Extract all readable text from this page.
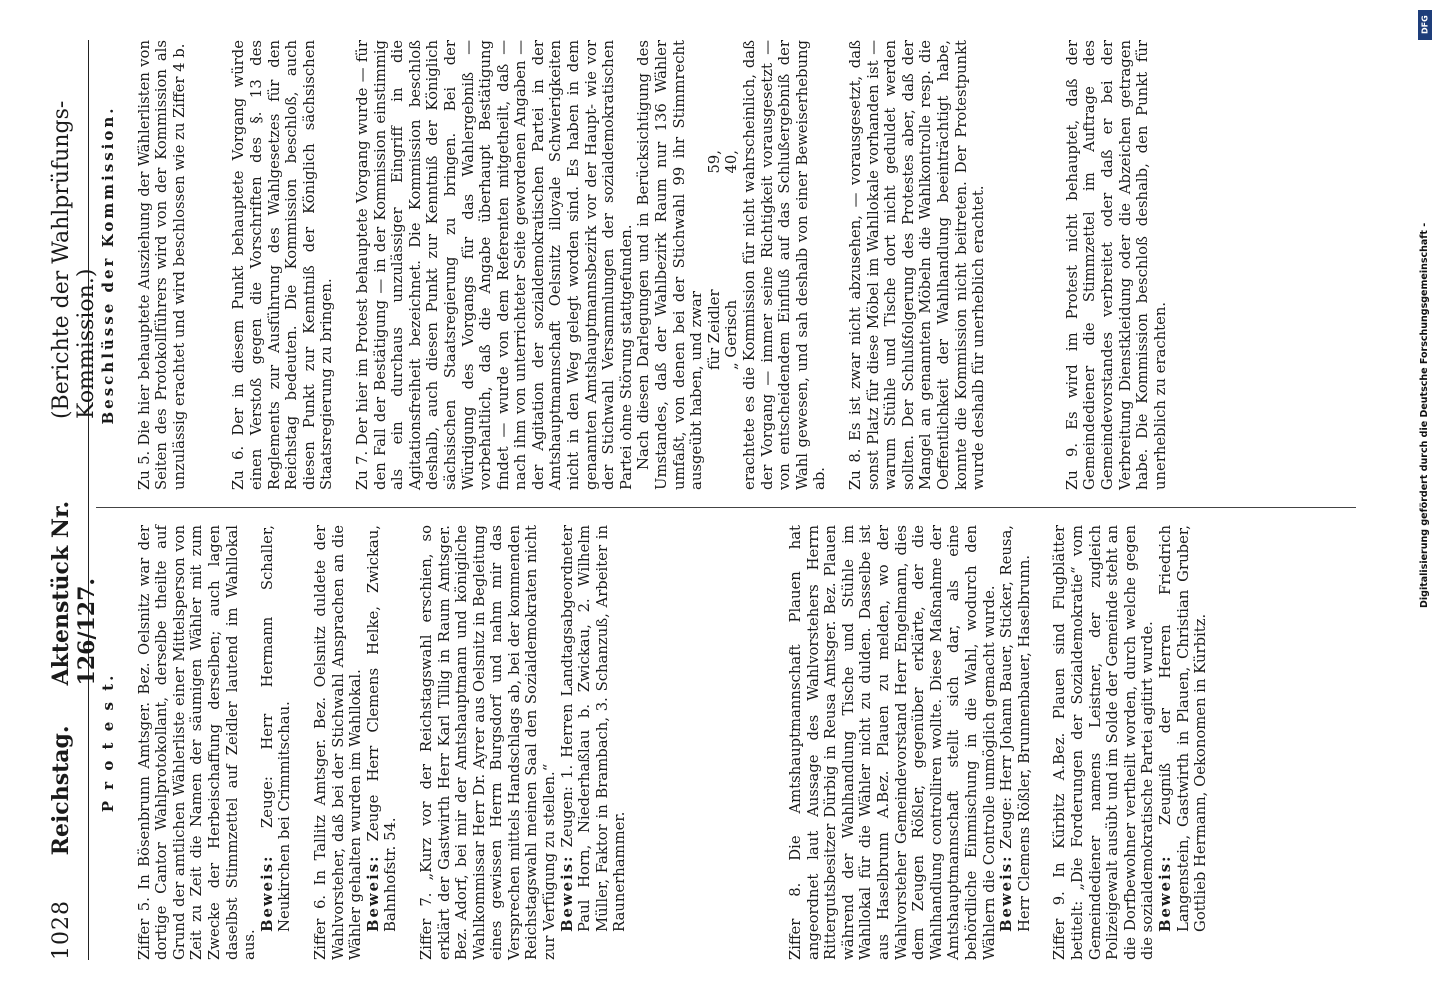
1028
Reichstag.
Aktenstück Nr. 126/127.
(Berichte der Wahlprüfungs-Kommission.)
P r o t e s t.
Ziffer 5. In Bösenbrunn Amtsger. Bez. Oelsnitz war der dortige Cantor Wahlprotokollant, derselbe theilte auf Grund der amtlichen Wählerliste einer Mittelsperson von Zeit zu Zeit die Namen der säumigen Wähler mit zum Zwecke der Herbeischaffung derselben; auch lagen daselbst Stimmzettel auf Zeidler lautend im Wahllokal aus.
Beweis: Zeuge: Herr Hermann Schaller, Neukirchen bei Crimmitschau. Ziffer 6. In Tallitz Amtsger. Bez. Oelsnitz duldete der Wahlvorsteher, daß bei der Stichwahl Ansprachen an die Wähler gehalten wurden im Wahllokal. Beweis: Zeuge Herr Clemens Helke, Zwickau, Bahnhofstr. 54. Ziffer 7. „Kurz vor der Reichstagswahl erschien, so erklärt der Gastwirth Herr Karl Tillig in Raum Amtsger. Bez. Adorf, bei mir der Amtshauptmann und königliche Wahlkommissar Herr Dr. Ayrer aus Oelsnitz in Begleitung eines gewissen Herrn Burgsdorf und nahm mir das Versprechen mittels Handschlags ab, bei der kommenden Reichstagswahl meinen Saal den Sozialdemokraten nicht zur Verfügung zu stellen.“ Beweis: Zeugen: 1. Herren Landtagsabgeordneter Paul Horn, Niederhaßlau b. Zwickau, 2. Wilhelm Müller, Faktor in Brambach, 3. Schanzuß, Arbeiter in Raunerhammer.	Ziffer 8. Die Amtshauptmannschaft Plauen hat angeordnet laut Aussage des Wahlvorstehers Herrn Rittergutsbesitzer Dürbig in Reusa Amtsger. Bez. Plauen während der Wahlhandlung Tische und Stühle im Wahllokal für die Wähler nicht zu dulden. Dasselbe ist aus Haselbrunn A.Bez. Plauen zu melden, wo der Wahlvorsteher Gemeindevorstand Herr Engelmann, dies dem Zeugen Rößler, gegenüber erklärte, der die Wahlhandlung controlliren wollte. Diese Maßnahme der Amtshauptmannschaft stellt sich dar, als eine behördliche Einmischung in die Wahl, wodurch den Wählern die Controlle unmöglich gemacht wurde. Beweis: Zeuge: Herr Johann Bauer, Sticker, Reusa, Herr Clemens Rößler, Brunnenbauer, Haselbrunn. Ziffer 9. In Kürbitz A.Bez. Plauen sind Flugblätter betitelt: „Die Forderungen der Sozialdemokratie“ vom Gemeindediener namens Leistner, der zugleich Polizeigewalt ausübt und im Solde der Gemeinde steht an die Dorfbewohner vertheilt worden, durch welche gegen die sozialdemokratische Partei agitirt wurde. Beweis: Zeugniß der Herren Friedrich Langenstein, Gastwirth in Plauen, Christian Gruber, Gottlieb Hermann, Oekonomen in Kürbitz.
Beschlüsse der Kommission.
Zu 5. Die hier behauptete Ausziehung der Wählerlisten von Seiten des Protokollführers wird von der Kommission als unzulässig erachtet und wird beschlossen wie zu Ziffer 4 b.	Zu 6. Der in diesem Punkt behauptete Vorgang würde einen Verstoß gegen die Vorschriften des §. 13 des Reglements zur Ausführung des Wahlgesetzes für den Reichstag bedeuten. Die Kommission beschloß, auch diesen Punkt zur Kenntniß der Königlich sächsischen Staatsregierung zu bringen. Zu 7. Der hier im Protest behauptete Vorgang wurde — für den Fall der Bestätigung — in der Kommission einstimmig als ein durchaus unzulässiger Eingriff in die Agitationsfreiheit bezeichnet. Die Kommission beschloß deshalb, auch diesen Punkt zur Kenntniß der Königlich sächsischen Staatsregierung zu bringen. Bei der Würdigung des Vorgangs für das Wahlergebniß — vorbehaltlich, daß die Angabe überhaupt Bestätigung findet — wurde von dem Referenten mitgetheilt, daß — nach ihm von unterrichteter Seite gewordenen Angaben — der Agitation der sozialdemokratischen Partei in der Amtshauptmannschaft Oelsnitz illoyale Schwierigkeiten nicht in den Weg gelegt worden sind. Es haben in dem genannten Amtshauptmannsbezirk vor der Haupt- wie vor der Stichwahl Versammlungen der sozialdemokratischen Partei ohne Störung stattgefunden. Nach diesen Darlegungen und in Berücksichtigung des Umstandes, daß der Wahlbezirk Raum nur 136 Wähler umfaßt, von denen bei der Stichwahl 99 ihr Stimmrecht ausgeübt haben, und zwar für Zeidler
59,
„ Gerisch
40, erachtete es die Kommission für nicht wahrscheinlich, daß der Vorgang — immer seine Richtigkeit vorausgesetzt — von entscheidendem Einfluß auf das Schlußergebniß der Wahl gewesen, und sah deshalb von einer Beweiserhebung ab. Zu 8. Es ist zwar nicht abzusehen, — vorausgesetzt, daß sonst Platz für diese Möbel im Wahllokale vorhanden ist — warum Stühle und Tische dort nicht geduldet werden sollten. Der Schlußfolgerung des Protestes aber, daß der Mangel an genannten Möbeln die Wahlkontrolle resp. die Oeffentlichkeit der Wahlhandlung beeinträchtigt habe, konnte die Kommission nicht beitreten. Der Protestpunkt wurde deshalb für unerheblich erachtet.	Zu 9. Es wird im Protest nicht behauptet, daß der Gemeindediener die Stimmzettel im Auftrage des Gemeindevorstandes verbreitet oder daß er bei der Verbreitung Dienstkleidung oder die Abzeichen getragen habe. Die Kommission beschloß deshalb, den Punkt für unerheblich zu erachten.
DFG
Digitalisierung gefördert durch die Deutsche Forschungsgemeinschaft -
